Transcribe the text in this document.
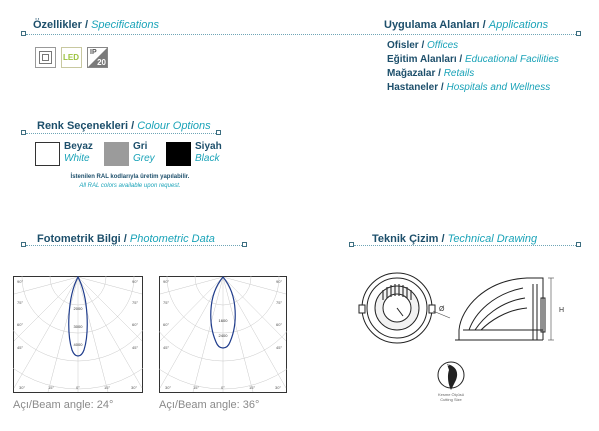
Özellikler / Specifications	Uygulama Alanları / Applications
LED
IP
20
Ofisler / Offices
Eğitim Alanları / Educational Facilities
Mağazalar / Retails
Hastaneler / Hospitals and Wellness
Renk Seçenekleri / Colour Options
Beyaz
White
Gri
Grey
Siyah
Black
İstenilen RAL kodlarıyla üretim yapılabilir.
All RAL colors available upon request.
Fotometrik Bilgi / Photometric Data	Teknik Çizim / Technical Drawing
2000
3000
4000
90°	90°
75°	75°
60°	60°
45°	45°
30°	30°
15°	15°
0°
1600
2400
90°	90°
75°	75°
60°	60°
45°	45°
30°	30°
15°	15°
0°
Açı/Beam angle: 24°	Açı/Beam angle: 36°
Ø	H
Ø
Kesme Ölçüsü
Cutting Size
